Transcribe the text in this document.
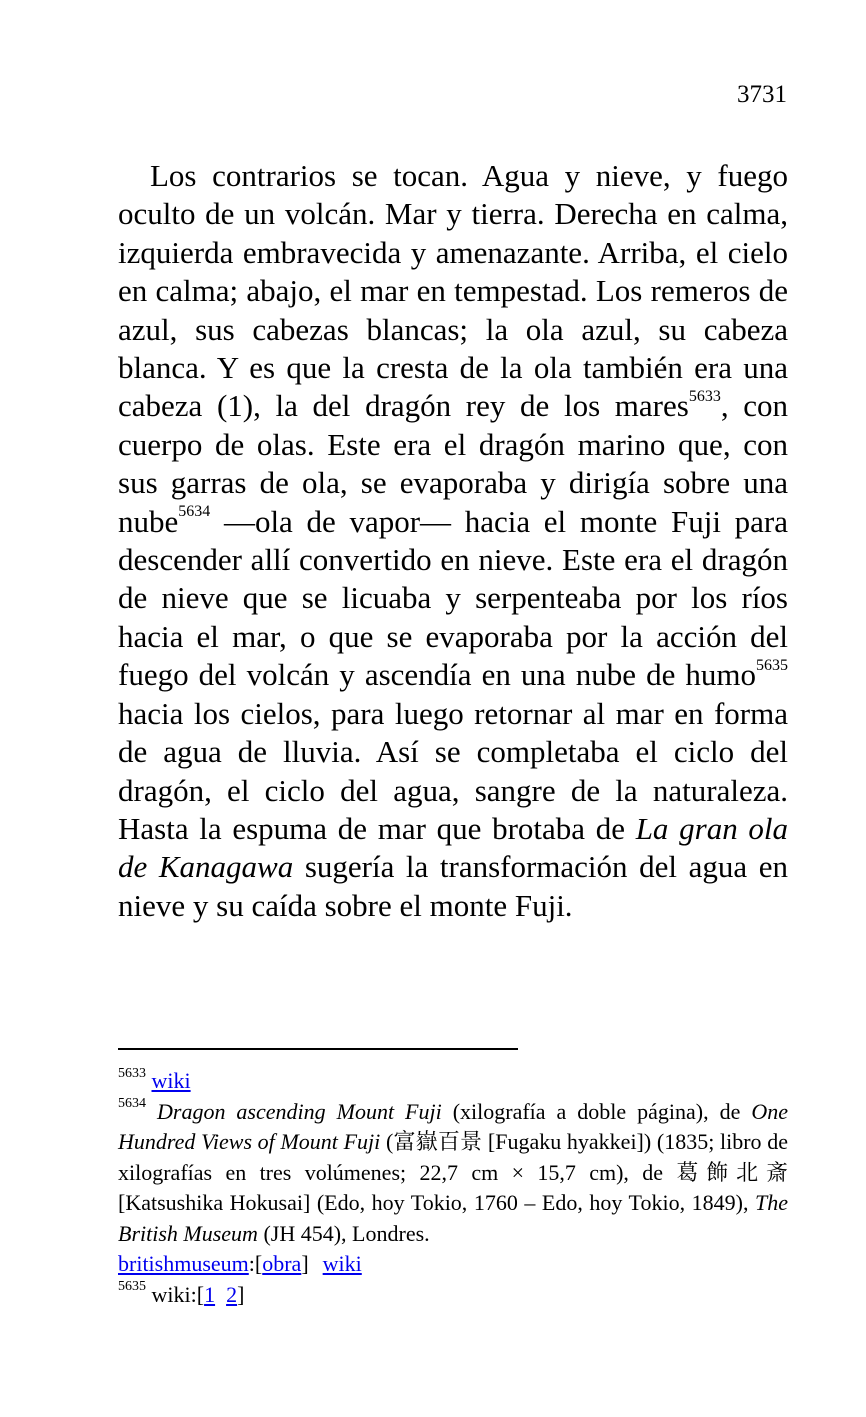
3731

Los contrarios se tocan. Agua y nieve, y fuego oculto de un volcán. Mar y tierra. Derecha en calma, izquierda embravecida y amenazante. Arriba, el cielo en calma; abajo, el mar en tempestad. Los remeros de azul, sus cabezas blancas; la ola azul, su cabeza blanca. Y es que la cresta de la ola también era una cabeza (1), la del dragón rey de los mares$^{5633}$, con cuerpo de olas. Este era el dragón marino que, con sus garras de ola, se evaporaba y dirigía sobre una nube$^{5634}$ —ola de vapor— hacia el monte Fuji para descender allí convertido en nieve. Este era el dragón de nieve que se licuaba y serpenteaba por los ríos hacia el mar, o que se evaporaba por la acción del fuego del volcán y ascendía en una nube de humo$^{5635}$ hacia los cielos, para luego retornar al mar en forma de agua de lluvia. Así se completaba el ciclo del dragón, el ciclo del agua, sangre de la naturaleza. Hasta la espuma de mar que brotaba de La gran ola de Kanagawa sugería la transformación del agua en nieve y su caída sobre el monte Fuji.

$^{5633}$ wiki

$^{5634}$ Dragon ascending Mount Fuji (xilografía a doble página), de One Hundred Views of Mount Fuji (富嶽百景 [Fugaku hyakkei]) (1835; libro de xilografías en tres volúmenes; 22,7 cm × 15,7 cm), de 葛飾北斎 [Katsushika Hokusai] (Edo, hoy Tokio, 1760 – Edo, hoy Tokio, 1849), The British Museum (JH 454), Londres.
britishmuseum:[obra] wiki

$^{5635}$ wiki:[1 2]
